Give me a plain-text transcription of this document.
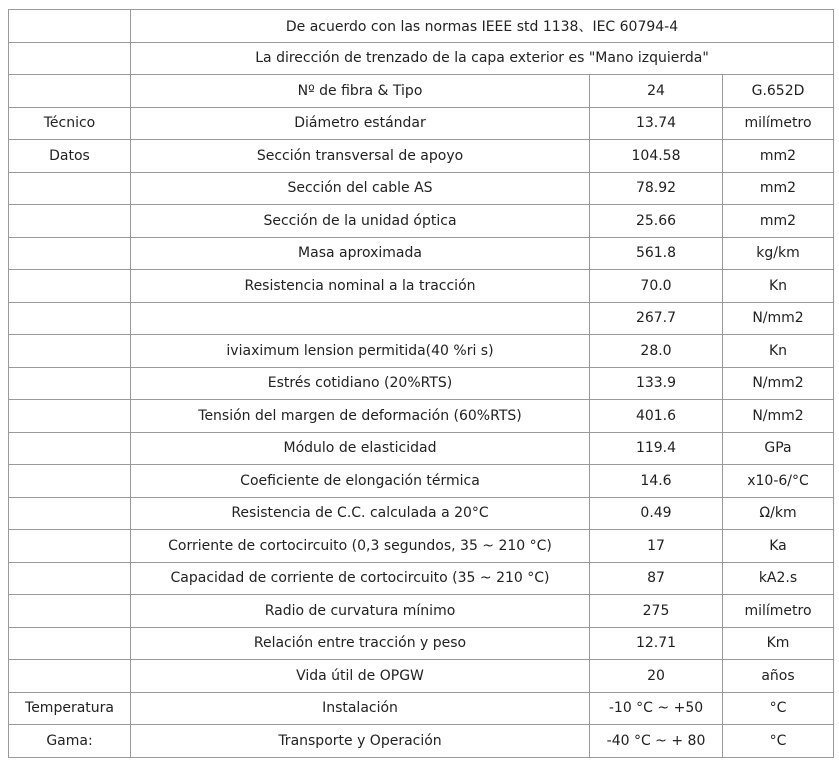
	De acuerdo con las normas IEEE std 1138、IEC 60794-4		
	La dirección de trenzado de la capa exterior es "Mano izquierda"		
	Nº de fibra & Tipo	24	G.652D
Técnico	Diámetro estándar	13.74	milímetro
Datos	Sección transversal de apoyo	104.58	mm2
	Sección del cable AS	78.92	mm2
	Sección de la unidad óptica	25.66	mm2
	Masa aproximada	561.8	kg/km
	Resistencia nominal a la tracción	70.0	Kn
		267.7	N/mm2
	iviaximum lension permitida(40 %ri s)	28.0	Kn
	Estrés cotidiano (20%RTS)	133.9	N/mm2
	Tensión del margen de deformación (60%RTS)	401.6	N/mm2
	Módulo de elasticidad	119.4	GPa
	Coeficiente de elongación térmica	14.6	x10-6/°C
	Resistencia de C.C. calculada a 20°C	0.49	Ω/km
	Corriente de cortocircuito (0,3 segundos, 35 ~ 210 °C)	17	Ka
	Capacidad de corriente de cortocircuito (35 ~ 210 °C)	87	kA2.s
	Radio de curvatura mínimo	275	milímetro
	Relación entre tracción y peso	12.71	Km
	Vida útil de OPGW	20	años
Temperatura	Instalación	-10 °C ~ +50	°C
Gama:	Transporte y Operación	-40 °C ~ + 80	°C
